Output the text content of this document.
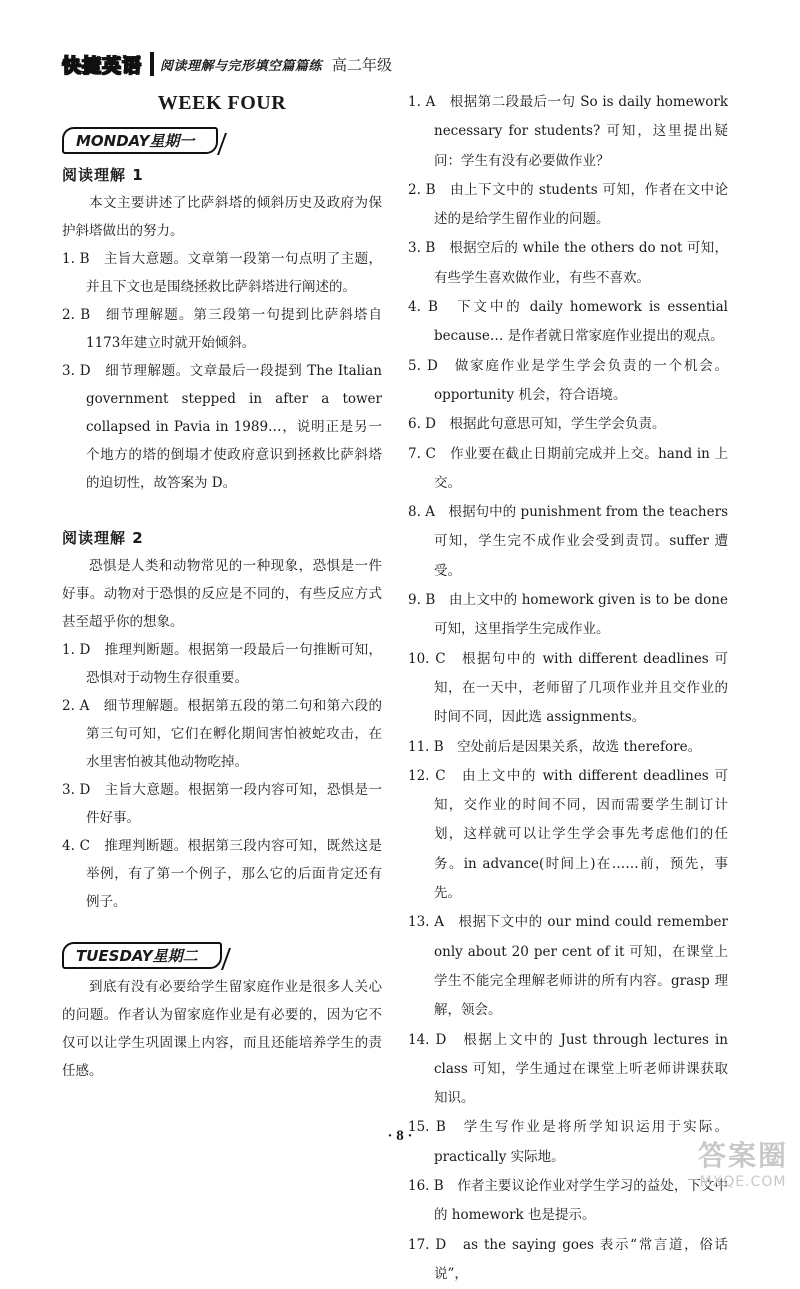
快捷英语 阅读理解与完形填空篇篇练 高二年级
WEEK FOUR
MONDAY星期一
阅读理解 1

本文主要讲述了比萨斜塔的倾斜历史及政府为保护斜塔做出的努力。

1. B　主旨大意题。文章第一段第一句点明了主题，并且下文也是围绕拯救比萨斜塔进行阐述的。

2. B　细节理解题。第三段第一句提到比萨斜塔自1173年建立时就开始倾斜。

3. D　细节理解题。文章最后一段提到 The Italian government stepped in after a tower collapsed in Pavia in 1989…，说明正是另一个地方的塔的倒塌才使政府意识到拯救比萨斜塔的迫切性，故答案为 D。

阅读理解 2

恐惧是人类和动物常见的一种现象，恐惧是一件好事。动物对于恐惧的反应是不同的，有些反应方式甚至超乎你的想象。

1. D　推理判断题。根据第一段最后一句推断可知，恐惧对于动物生存很重要。

2. A　细节理解题。根据第五段的第二句和第六段的第三句可知，它们在孵化期间害怕被蛇攻击，在水里害怕被其他动物吃掉。

3. D　主旨大意题。根据第一段内容可知，恐惧是一件好事。

4. C　推理判断题。根据第三段内容可知，既然这是举例，有了第一个例子，那么它的后面肯定还有例子。

TUESDAY星期二

到底有没有必要给学生留家庭作业是很多人关心的问题。作者认为留家庭作业是有必要的，因为它不仅可以让学生巩固课上内容，而且还能培养学生的责任感。

1. A　根据第二段最后一句 So is daily homework necessary for students? 可知，这里提出疑问：学生有没有必要做作业？

2. B　由上下文中的 students 可知，作者在文中论述的是给学生留作业的问题。

3. B　根据空后的 while the others do not 可知，有些学生喜欢做作业，有些不喜欢。

4. B　下文中的 daily homework is essential because… 是作者就日常家庭作业提出的观点。

5. D　做家庭作业是学生学会负责的一个机会。opportunity 机会，符合语境。

6. D　根据此句意思可知，学生学会负责。

7. C　作业要在截止日期前完成并上交。hand in 上交。

8. A　根据句中的 punishment from the teachers 可知，学生完不成作业会受到责罚。suffer 遭受。

9. B　由上文中的 homework given is to be done 可知，这里指学生完成作业。

10. C　根据句中的 with different deadlines 可知，在一天中，老师留了几项作业并且交作业的时间不同，因此选 assignments。

11. B　空处前后是因果关系，故选 therefore。

12. C　由上文中的 with different deadlines 可知，交作业的时间不同，因而需要学生制订计划，这样就可以让学生学会事先考虑他们的任务。in advance(时间上)在……前，预先，事先。

13. A　根据下文中的 our mind could remember only about 20 per cent of it 可知，在课堂上学生不能完全理解老师讲的所有内容。grasp 理解，领会。

14. D　根据上文中的 Just through lectures in class 可知，学生通过在课堂上听老师讲课获取知识。

15. B　学生写作业是将所学知识运用于实际。practically 实际地。

16. B　作者主要议论作业对学生学习的益处，下文中的 homework 也是提示。

17. D　as the saying goes 表示“常言道，俗话说”，

· 8 ·
答案圈
MXQE.COM
